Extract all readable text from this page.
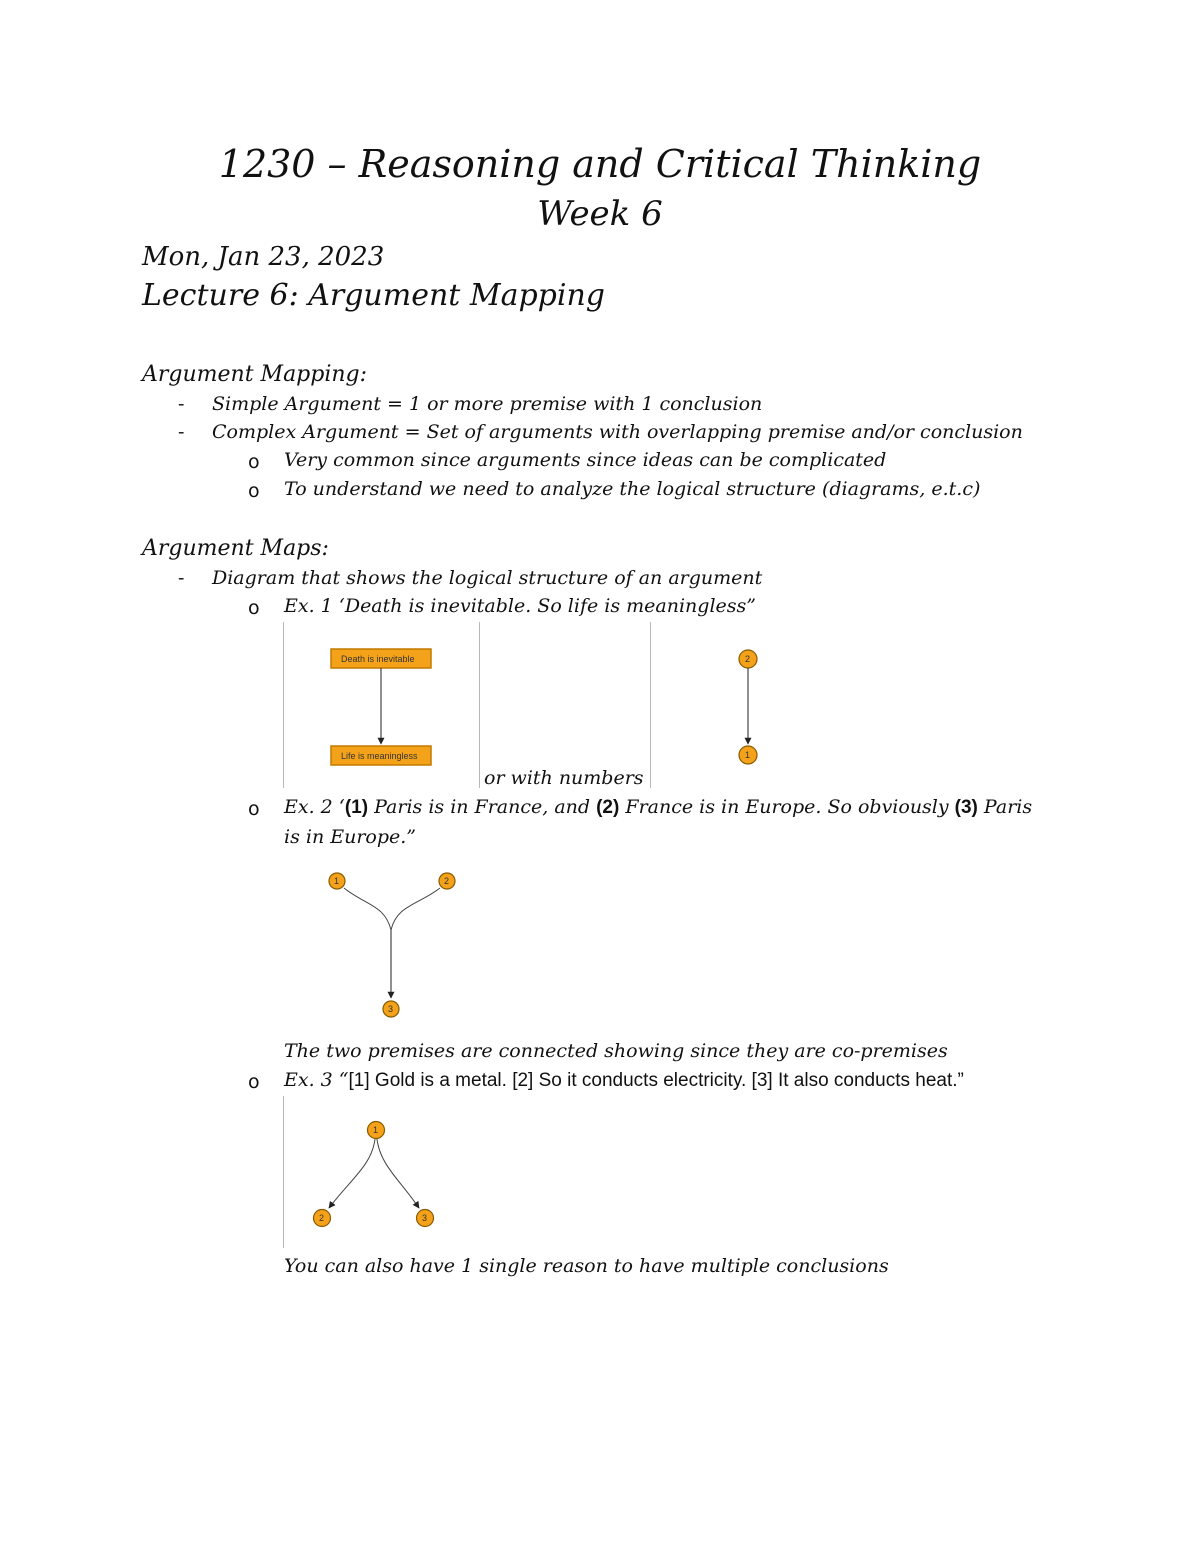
1230 – Reasoning and Critical Thinking
Week 6
Mon, Jan 23, 2023
Lecture 6: Argument Mapping
Argument Mapping:
- Simple Argument = 1 or more premise with 1 conclusion
- Complex Argument = Set of arguments with overlapping premise and/or conclusion
o Very common since arguments since ideas can be complicated
o To understand we need to analyze the logical structure (diagrams, e.t.c)
Argument Maps:
- Diagram that shows the logical structure of an argument
o Ex. 1 ‘Death is inevitable. So life is meaningless”
Death is inevitable
Life is meaningless
2
1
1	2
3
1
2	3
or with numbers
o Ex. 2 ‘(1) Paris is in France, and (2) France is in Europe. So obviously (3) Paris
is in Europe.”
The two premises are connected showing since they are co-premises
o Ex. 3 “[1] Gold is a metal. [2] So it conducts electricity. [3] It also conducts heat.”
You can also have 1 single reason to have multiple conclusions
